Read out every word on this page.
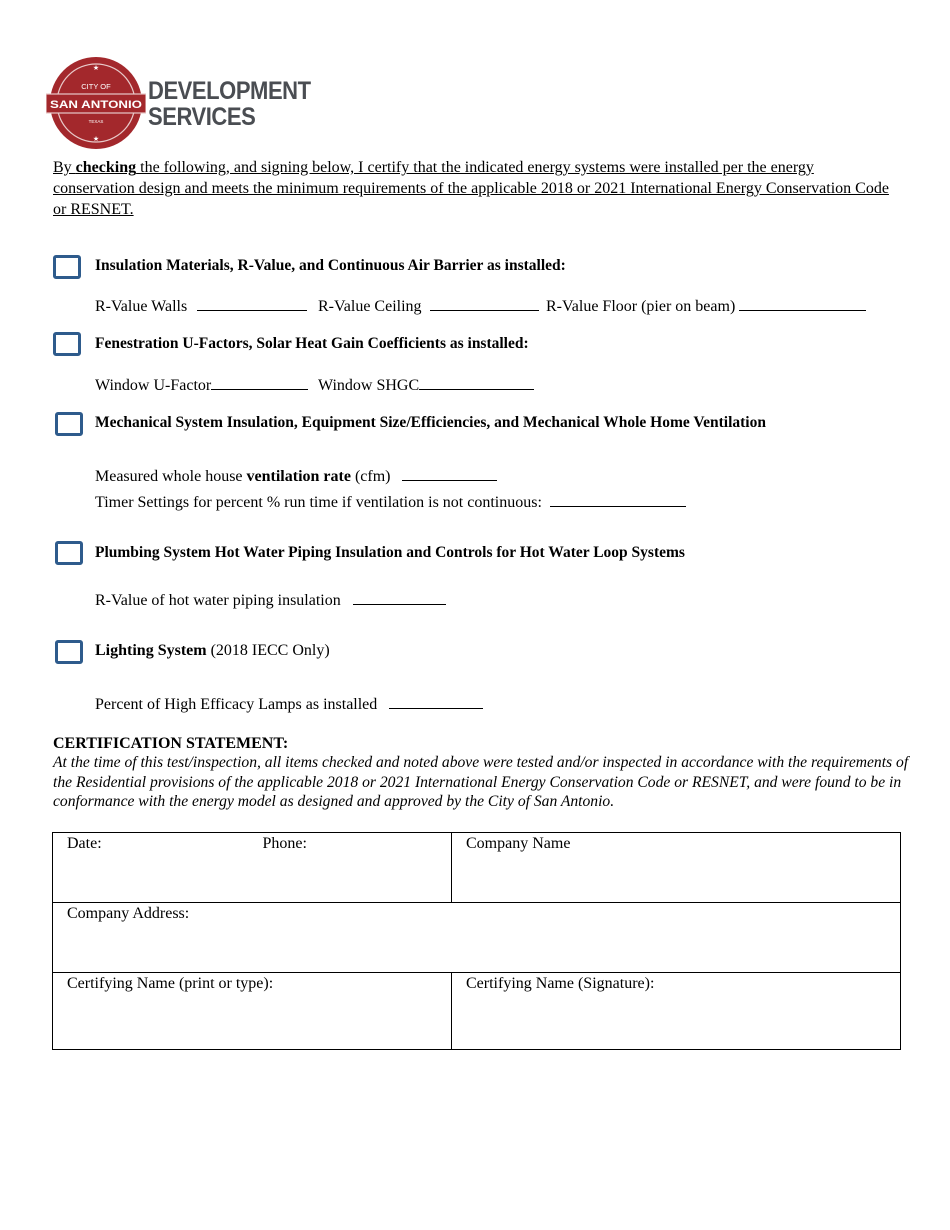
★
CITY OF
SAN ANTONIO
TEXAS
★
DEVELOPMENT
SERVICES
By checking the following, and signing below, I certify that the indicated energy systems were installed per the energy conservation design and meets the minimum requirements of the applicable 2018 or 2021 International Energy Conservation Code or RESNET.
Insulation Materials, R-Value, and Continuous Air Barrier as installed:
R-Value Walls	R-Value Ceiling	R-Value Floor (pier on beam)
Fenestration U-Factors, Solar Heat Gain Coefficients as installed:
Window U-Factor	Window SHGC
Mechanical System Insulation, Equipment Size/Efficiencies, and Mechanical Whole Home Ventilation
Measured whole house ventilation rate (cfm)
Timer Settings for percent % run time if ventilation is not continuous:
Plumbing System Hot Water Piping Insulation and Controls for Hot Water Loop Systems
R-Value of hot water piping insulation
Lighting System (2018 IECC Only)
Percent of High Efficacy Lamps as installed
CERTIFICATION STATEMENT:
At the time of this test/inspection, all items checked and noted above were tested and/or inspected in accordance with the requirements of the Residential provisions of the applicable 2018 or 2021 International Energy Conservation Code or RESNET, and were found to be in conformance with the energy model as designed and approved by the City of San Antonio.
Date: Phone:	Company Name
Company Address:	
Certifying Name (print or type):	Certifying Name (Signature):
